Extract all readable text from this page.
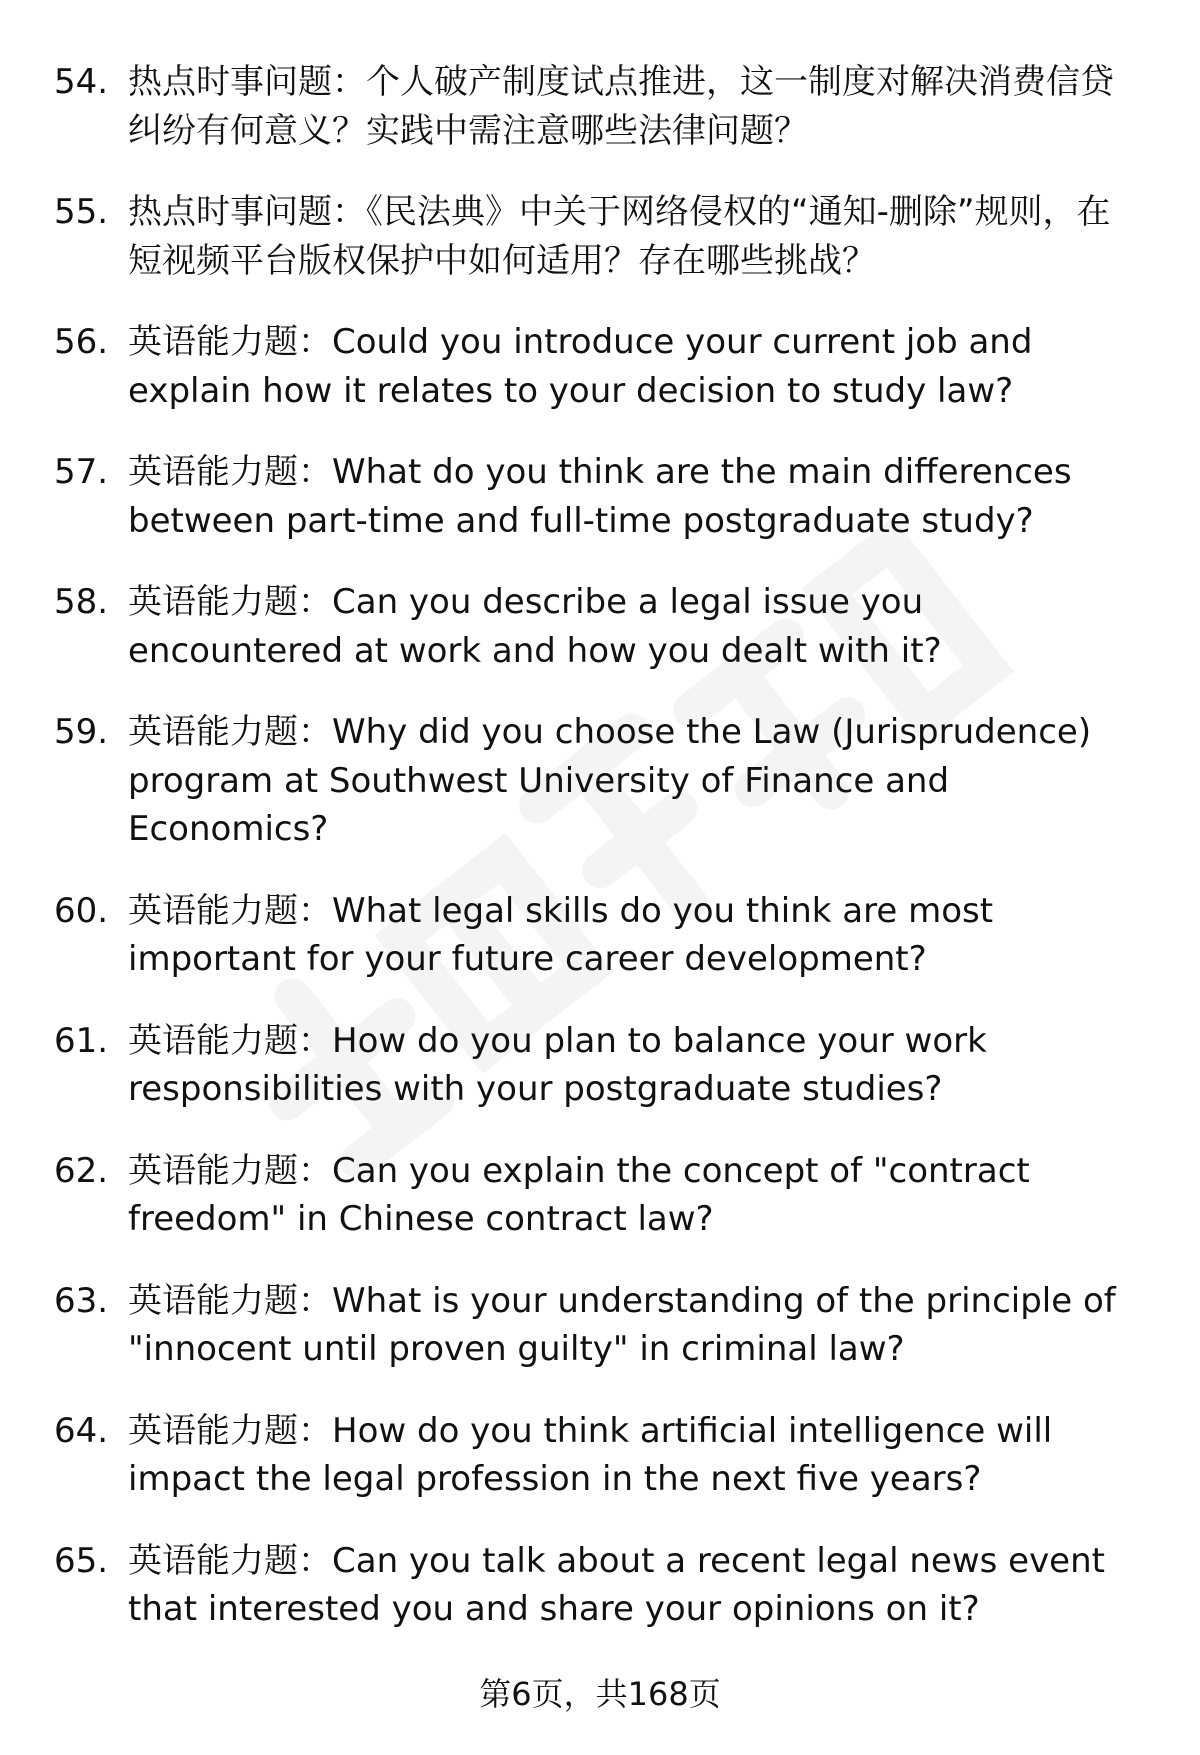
54. 热点时事问题：个人破产制度试点推进，这一制度对解决消费信贷纠纷有何意义？实践中需注意哪些法律问题？
55. 热点时事问题：《民法典》中关于网络侵权的“通知-删除”规则，在短视频平台版权保护中如何适用？存在哪些挑战？
56. 英语能力题：Could you introduce your current job and explain how it relates to your decision to study law?
57. 英语能力题：What do you think are the main differences between part-time and full-time postgraduate study?
58. 英语能力题：Can you describe a legal issue you encountered at work and how you dealt with it?
59. 英语能力题：Why did you choose the Law (Jurisprudence) program at Southwest University of Finance and Economics?
60. 英语能力题：What legal skills do you think are most important for your future career development?
61. 英语能力题：How do you plan to balance your work responsibilities with your postgraduate studies?
62. 英语能力题：Can you explain the concept of "contract freedom" in Chinese contract law?
63. 英语能力题：What is your understanding of the principle of "innocent until proven guilty" in criminal law?
64. 英语能力题：How do you think artificial intelligence will impact the legal profession in the next five years?
65. 英语能力题：Can you talk about a recent legal news event that interested you and share your opinions on it?
第6页，共168页
